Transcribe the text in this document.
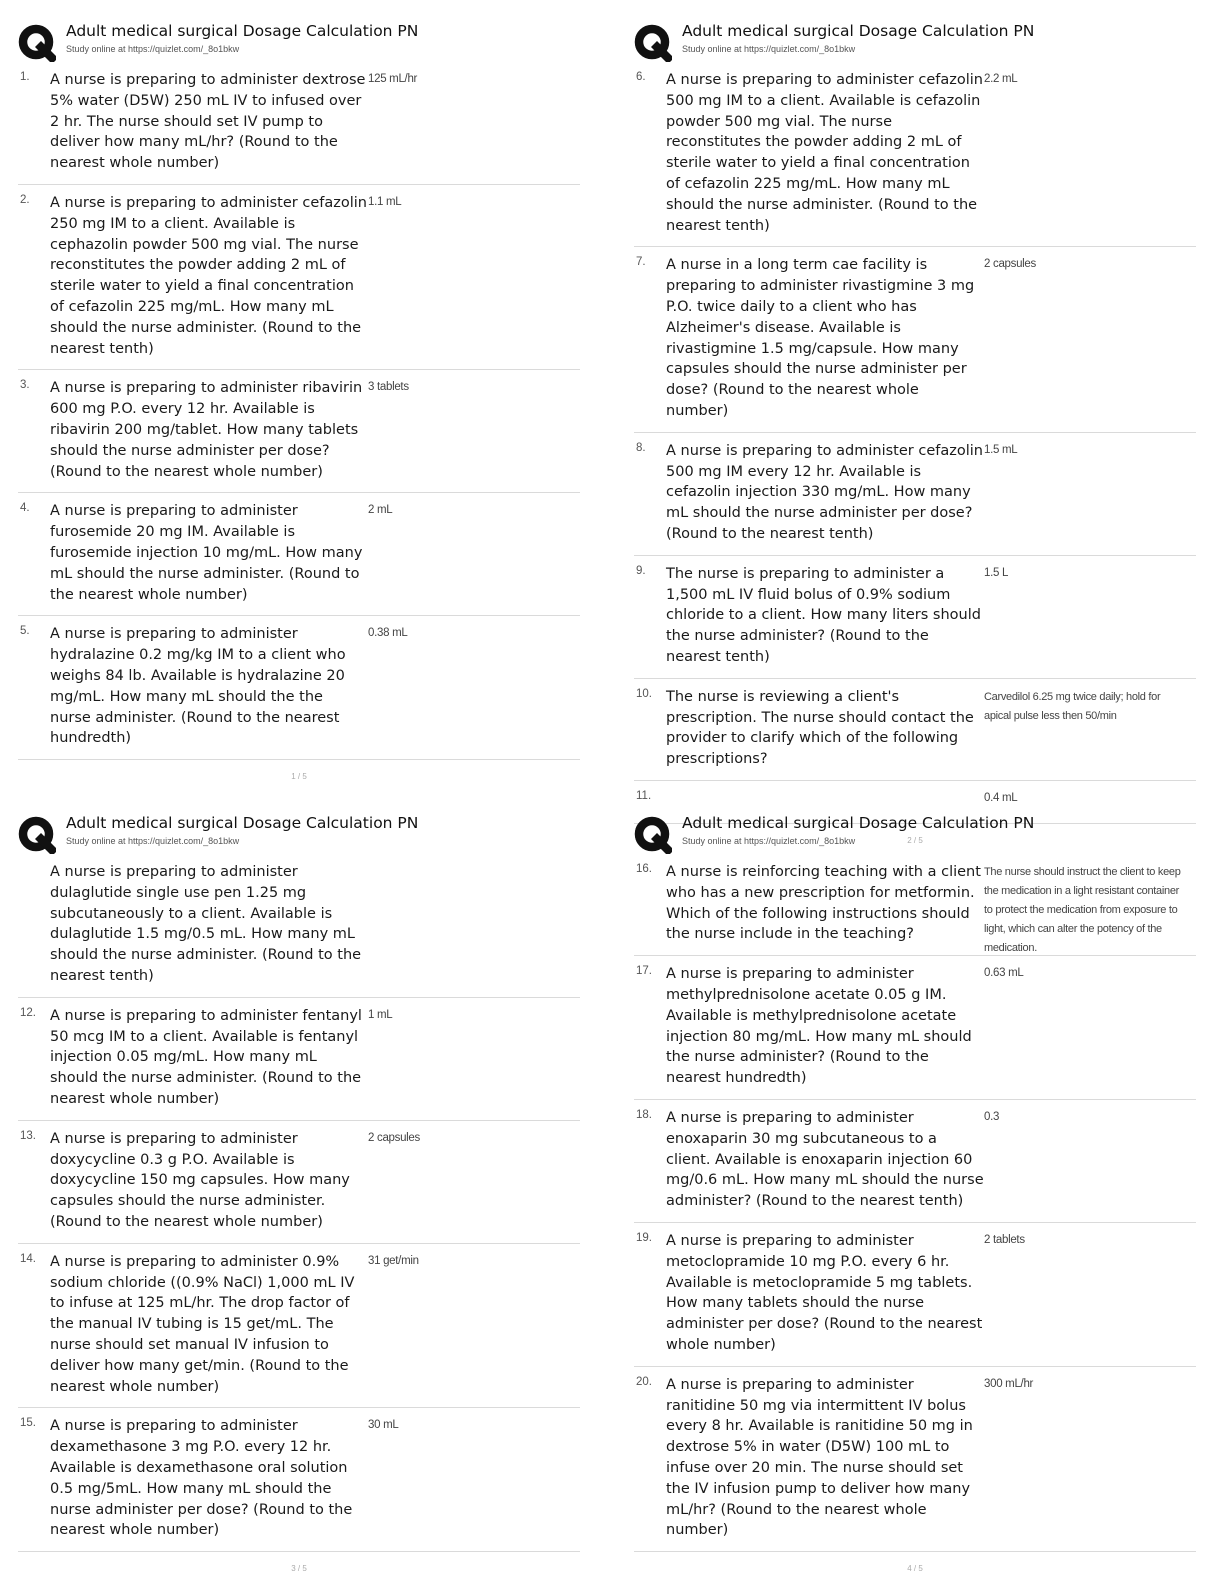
Adult medical surgical Dosage Calculation PN
Study online at https://quizlet.com/_8o1bkw
1. A nurse is preparing to administer dextrose 5% water (D5W) 250 mL IV to infused over 2 hr. The nurse should set IV pump to deliver how many mL/hr? (Round to the nearest whole number)
125 mL/hr
2. A nurse is preparing to administer cefazolin 250 mg IM to a client. Available is cephazolin powder 500 mg vial. The nurse reconstitutes the powder adding 2 mL of sterile water to yield a final concentration of cefazolin 225 mg/mL. How many mL should the nurse administer. (Round to the nearest tenth)
1.1 mL
3. A nurse is preparing to administer ribavirin 600 mg P.O. every 12 hr. Available is ribavirin 200 mg/tablet. How many tablets should the nurse administer per dose? (Round to the nearest whole number)
3 tablets
4. A nurse is preparing to administer furosemide 20 mg IM. Available is furosemide injection 10 mg/mL. How many mL should the nurse administer. (Round to the nearest whole number)
2 mL
5. A nurse is preparing to administer hydralazine 0.2 mg/kg IM to a client who weighs 84 lb. Available is hydralazine 20 mg/mL. How many mL should the the nurse administer. (Round to the nearest hundredth)
0.38 mL
1 / 5
Adult medical surgical Dosage Calculation PN
Study online at https://quizlet.com/_8o1bkw
6. A nurse is preparing to administer cefazolin 500 mg IM to a client. Available is cefazolin powder 500 mg vial. The nurse reconstitutes the powder adding 2 mL of sterile water to yield a final concentration of cefazolin 225 mg/mL. How many mL should the nurse administer. (Round to the nearest tenth)
2.2 mL
7. A nurse in a long term cae facility is preparing to administer rivastigmine 3 mg P.O. twice daily to a client who has Alzheimer's disease. Available is rivastigmine 1.5 mg/capsule. How many capsules should the nurse administer per dose? (Round to the nearest whole number)
2 capsules
8. A nurse is preparing to administer cefazolin 500 mg IM every 12 hr. Available is cefazolin injection 330 mg/mL. How many mL should the nurse administer per dose? (Round to the nearest tenth)
1.5 mL
9. The nurse is preparing to administer a 1,500 mL IV fluid bolus of 0.9% sodium chloride to a client. How many liters should the nurse administer? (Round to the nearest tenth)
1.5 L
10. The nurse is reviewing a client's prescription. The nurse should contact the provider to clarify which of the following prescriptions?
Carvedilol 6.25 mg twice daily; hold for apical pulse less then 50/min
11.	0.4 mL
2 / 5
Adult medical surgical Dosage Calculation PN
Study online at https://quizlet.com/_8o1bkw
A nurse is preparing to administer dulaglutide single use pen 1.25 mg subcutaneously to a client. Available is dulaglutide 1.5 mg/0.5 mL. How many mL should the nurse administer. (Round to the nearest tenth)
12. A nurse is preparing to administer fentanyl 50 mcg IM to a client. Available is fentanyl injection 0.05 mg/mL. How many mL should the nurse administer. (Round to the nearest whole number)
1 mL
13. A nurse is preparing to administer doxycycline 0.3 g P.O. Available is doxycycline 150 mg capsules. How many capsules should the nurse administer. (Round to the nearest whole number)
2 capsules
14. A nurse is preparing to administer 0.9% sodium chloride ((0.9% NaCl) 1,000 mL IV to infuse at 125 mL/hr. The drop factor of the manual IV tubing is 15 get/mL. The nurse should set manual IV infusion to deliver how many get/min. (Round to the nearest whole number)
31 get/min
15. A nurse is preparing to administer dexamethasone 3 mg P.O. every 12 hr. Available is dexamethasone oral solution 0.5 mg/5mL. How many mL should the nurse administer per dose? (Round to the nearest whole number)
30 mL
3 / 5
Adult medical surgical Dosage Calculation PN
Study online at https://quizlet.com/_8o1bkw
16. A nurse is reinforcing teaching with a client who has a new prescription for metformin. Which of the following instructions should the nurse include in the teaching?
The nurse should instruct the client to keep the medication in a light resistant container to protect the medication from exposure to light, which can alter the potency of the medication.
17. A nurse is preparing to administer methylprednisolone acetate 0.05 g IM. Available is methylprednisolone acetate injection 80 mg/mL. How many mL should the nurse administer? (Round to the nearest hundredth)
0.63 mL
18. A nurse is preparing to administer enoxaparin 30 mg subcutaneous to a client. Available is enoxaparin injection 60 mg/0.6 mL. How many mL should the nurse administer? (Round to the nearest tenth)
0.3
19. A nurse is preparing to administer metoclopramide 10 mg P.O. every 6 hr. Available is metoclopramide 5 mg tablets. How many tablets should the nurse administer per dose? (Round to the nearest whole number)
2 tablets
20. A nurse is preparing to administer ranitidine 50 mg via intermittent IV bolus every 8 hr. Available is ranitidine 50 mg in dextrose 5% in water (D5W) 100 mL to infuse over 20 min. The nurse should set the IV infusion pump to deliver how many mL/hr? (Round to the nearest whole number)
300 mL/hr
4 / 5
